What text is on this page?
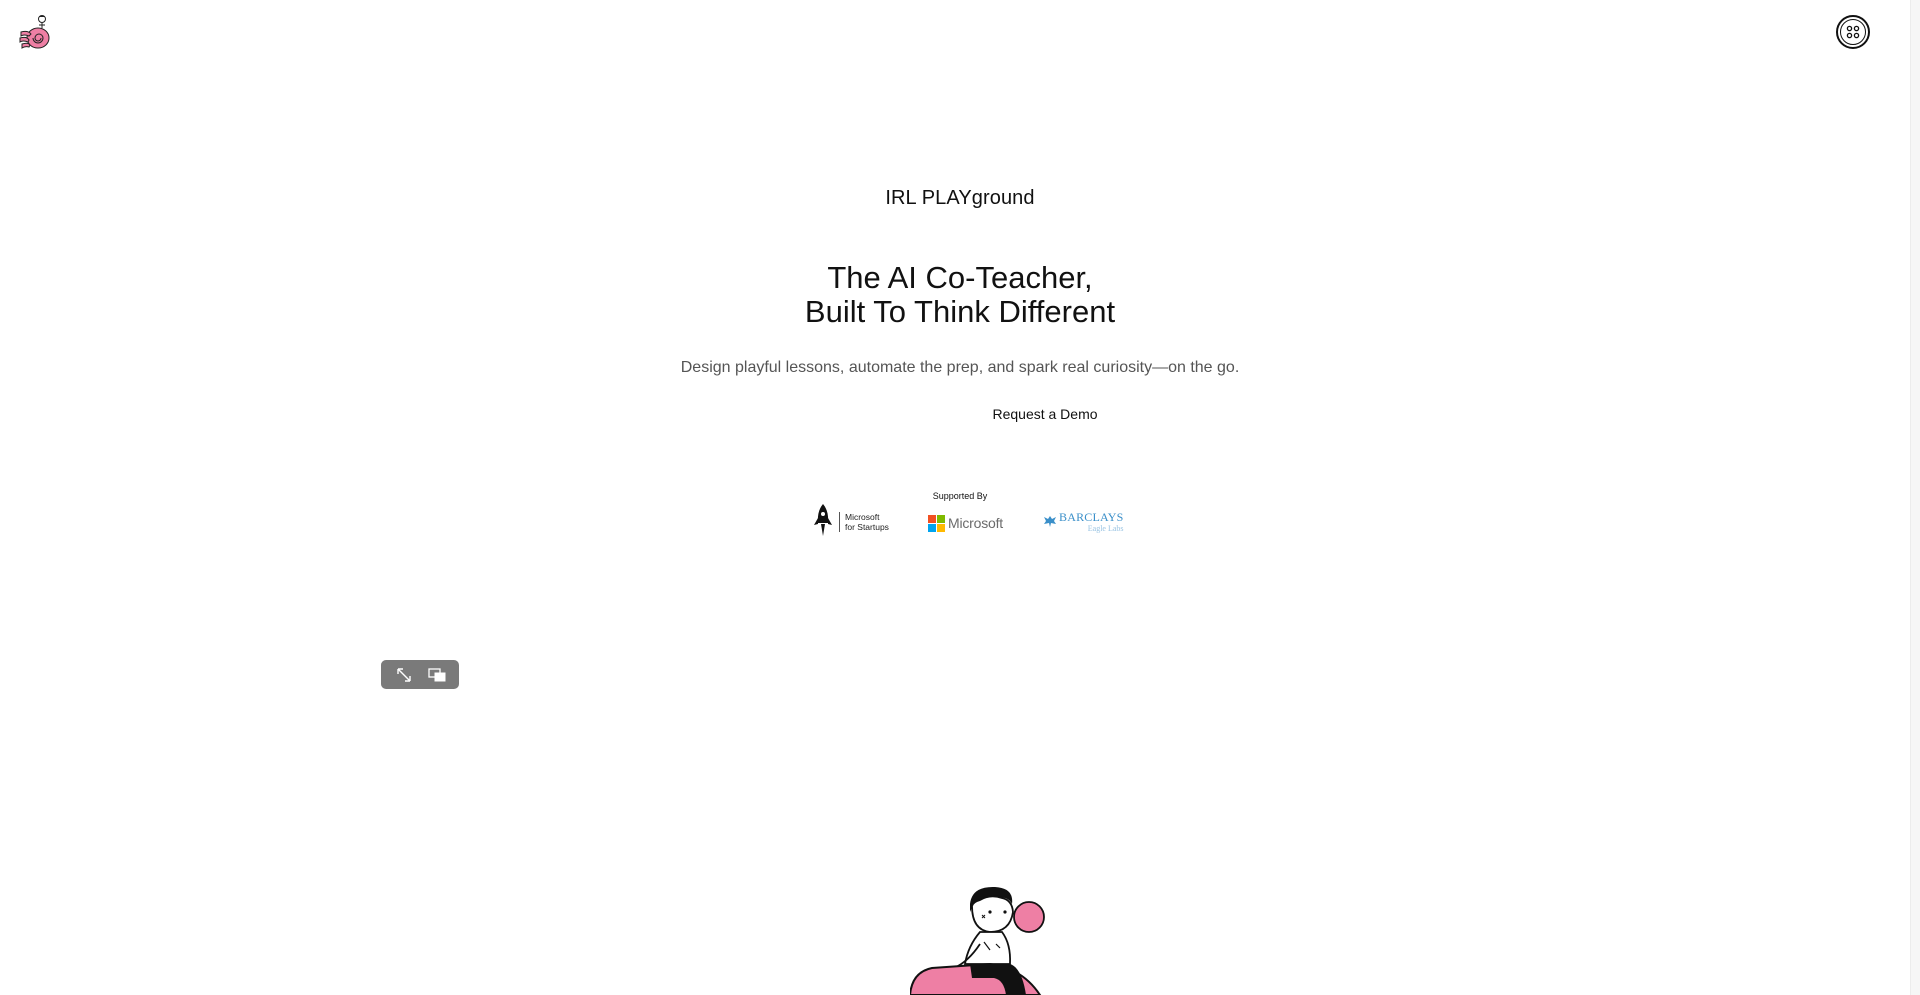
IRL PLAYground
The AI Co-Teacher,
Built To Think Different
Design playful lessons, automate the prep, and spark real curiosity—on the go.
Request a Demo
Supported By
Microsoft
for Startups	Microsoft	BARCLAYS
Eagle Labs
